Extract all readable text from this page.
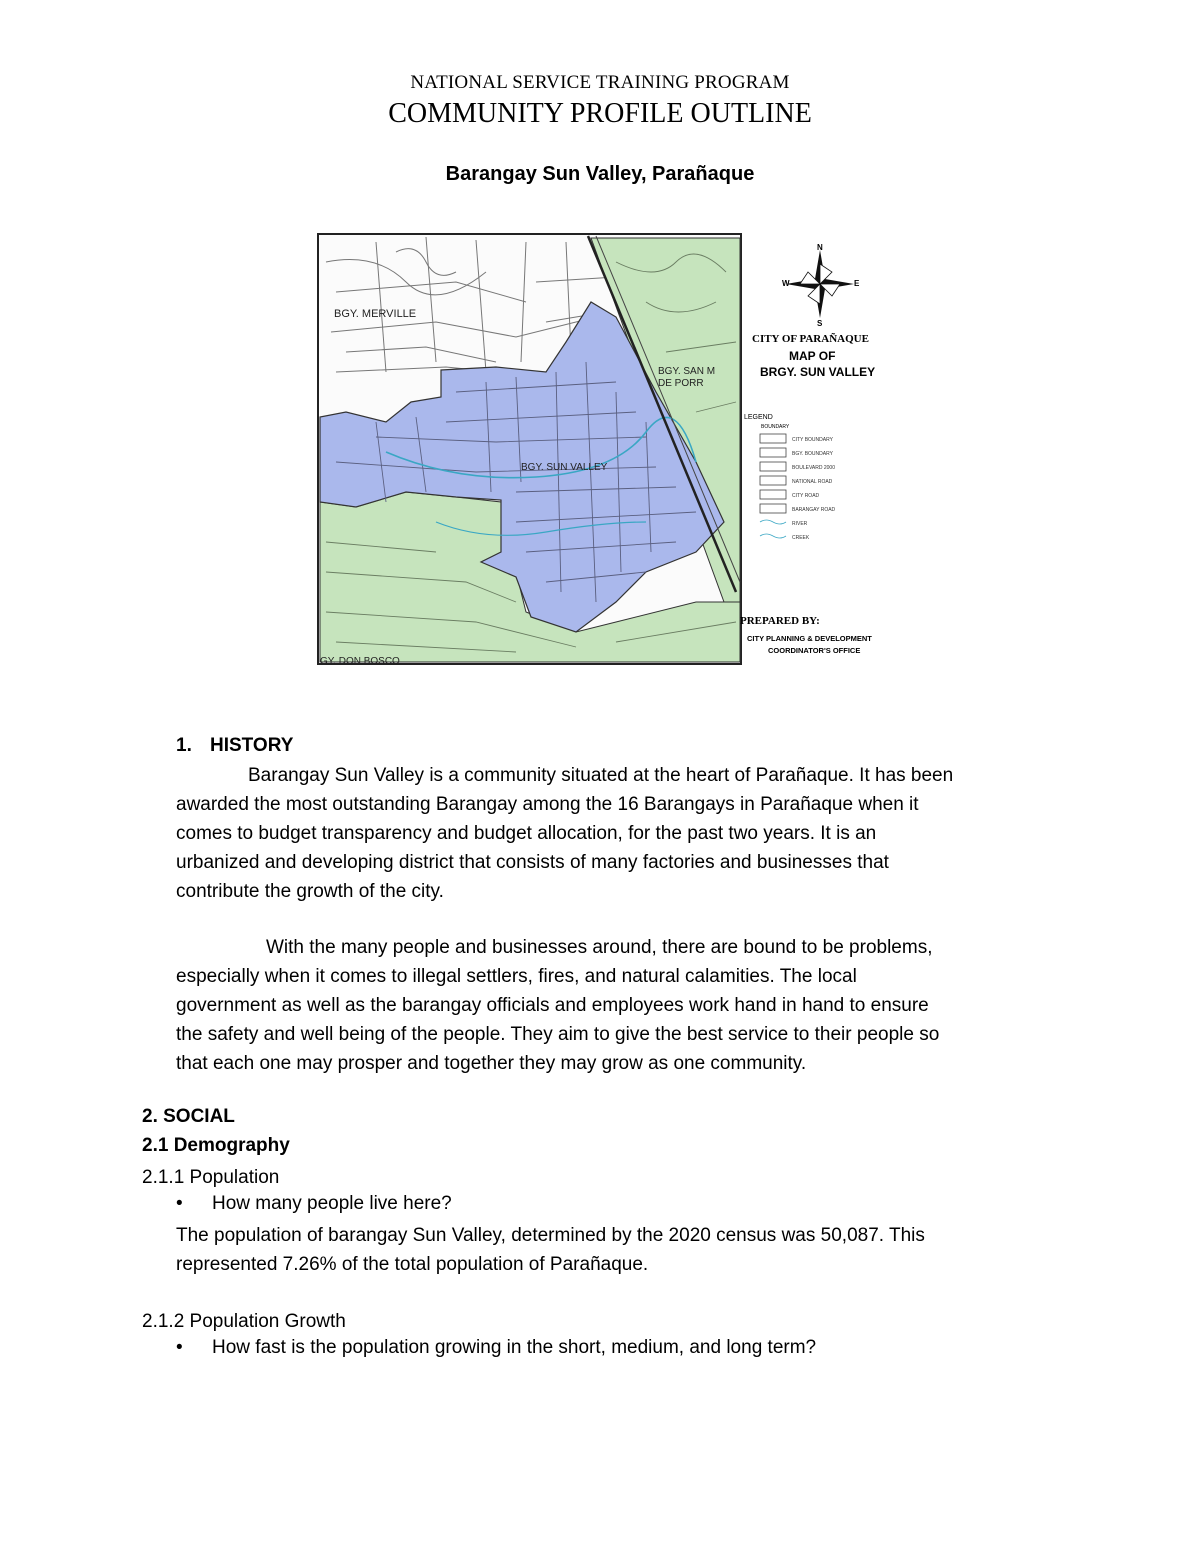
NATIONAL SERVICE TRAINING PROGRAM
COMMUNITY PROFILE OUTLINE
Barangay Sun Valley, Parañaque
BGY. MERVILLE
BGY. SAN M
DE PORR
BGY. SUN VALLEY
GY. DON BOSCO
N
S
W	E
CITY OF PARAÑAQUE
MAP OF
BRGY. SUN VALLEY
LEGEND
BOUNDARY
CITY BOUNDARY
BGY. BOUNDARY
BOULEVARD 2000
NATIONAL ROAD
CITY ROAD
BARANGAY ROAD
RIVER
CREEK
PREPARED BY:
CITY PLANNING & DEVELOPMENT
COORDINATOR'S OFFICE
1. HISTORY
Barangay Sun Valley is a community situated at the heart of Parañaque. It has been
awarded the most outstanding Barangay among the 16 Barangays in Parañaque when it
comes to budget transparency and budget allocation, for the past two years. It is an
urbanized and developing district that consists of many factories and businesses that
contribute the growth of the city.
With the many people and businesses around, there are bound to be problems,
especially when it comes to illegal settlers, fires, and natural calamities. The local
government as well as the barangay officials and employees work hand in hand to ensure
the safety and well being of the people. They aim to give the best service to their people so
that each one may prosper and together they may grow as one community.
2. SOCIAL
2.1 Demography
2.1.1 Population
• How many people live here?
The population of barangay Sun Valley, determined by the 2020 census was 50,087. This
represented 7.26% of the total population of Parañaque.
2.1.2 Population Growth
• How fast is the population growing in the short, medium, and long term?
